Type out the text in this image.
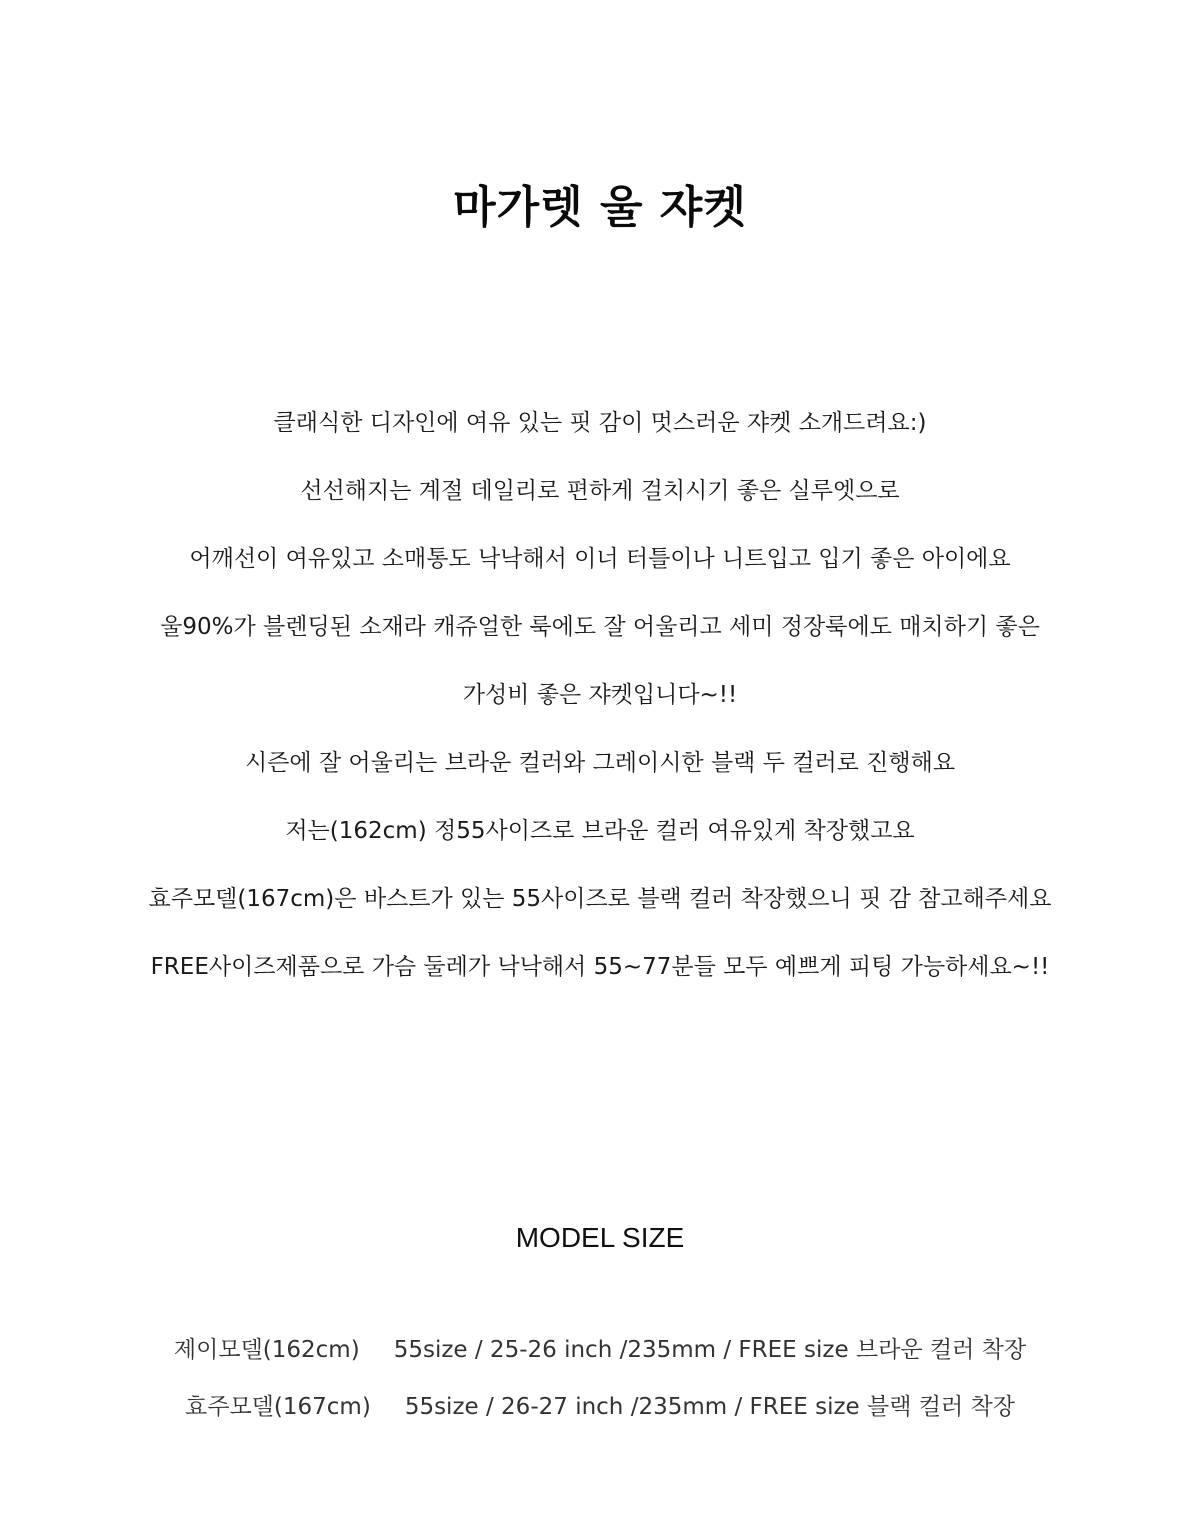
마가렛 울 쟈켓
클래식한 디자인에 여유 있는 핏 감이 멋스러운 쟈켓 소개드려요:)
선선해지는 계절 데일리로 편하게 걸치시기 좋은 실루엣으로
어깨선이 여유있고 소매통도 낙낙해서 이너 터틀이나 니트입고 입기 좋은 아이에요
울90%가 블렌딩된 소재라 캐쥬얼한 룩에도 잘 어울리고 세미 정장룩에도 매치하기 좋은
가성비 좋은 쟈켓입니다~!!
시즌에 잘 어울리는 브라운 컬러와 그레이시한 블랙 두 컬러로 진행해요
저는(162cm) 정55사이즈로 브라운 컬러 여유있게 착장했고요
효주모델(167cm)은 바스트가 있는 55사이즈로 블랙 컬러 착장했으니 핏 감 참고해주세요
FREE사이즈제품으로 가슴 둘레가 낙낙해서 55~77분들 모두 예쁘게 피팅 가능하세요~!!
MODEL SIZE
제이모델(162cm) 55size / 25-26 inch /235mm / FREE size 브라운 컬러 착장
효주모델(167cm) 55size / 26-27 inch /235mm / FREE size 블랙 컬러 착장
